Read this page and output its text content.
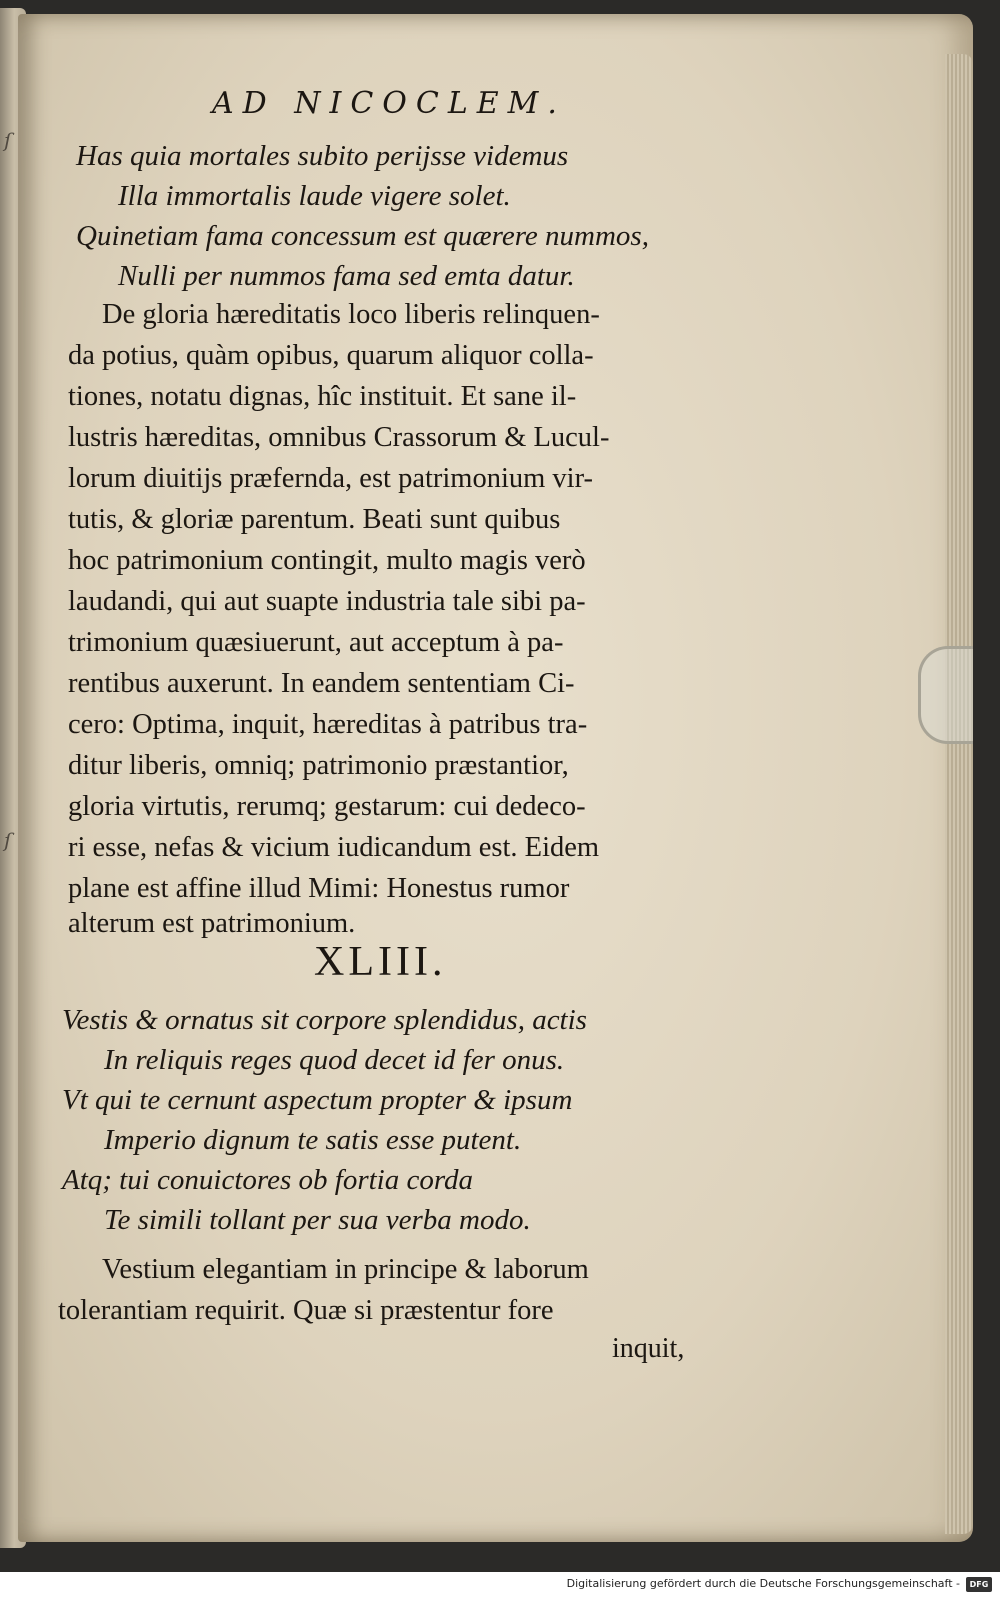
ſ
ſ
AD NICOCLEM.
Has quia mortales subito perijsse videmus
Illa immortalis laude vigere solet.
Quinetiam fama concessum est quærere nummos,
Nulli per nummos fama sed emta datur.
De gloria hæreditatis loco liberis relinquen-
da potius, quàm opibus, quarum aliquor colla-
tiones, notatu dignas, hîc instituit. Et sane il-
lustris hæreditas, omnibus Crassorum & Lucul-
lorum diuitijs præfernda, est patrimonium vir-
tutis, & gloriæ parentum. Beati sunt quibus
hoc patrimonium contingit, multo magis verò
laudandi, qui aut suapte industria tale sibi pa-
trimonium quæsiuerunt, aut acceptum à pa-
rentibus auxerunt. In eandem sententiam Ci-
cero: Optima, inquit, hæreditas à patribus tra-
ditur liberis, omniq; patrimonio præstantior,
gloria virtutis, rerumq; gestarum: cui dedeco-
ri esse, nefas & vicium iudicandum est. Eidem
plane est affine illud Mimi: Honestus rumor
alterum est patrimonium.
XLIII.
Vestis & ornatus sit corpore splendidus, actis
In reliquis reges quod decet id fer onus.
Vt qui te cernunt aspectum propter & ipsum
Imperio dignum te satis esse putent.
Atq; tui conuictores ob fortia corda
Te simili tollant per sua verba modo.
Vestium elegantiam in principe & laborum
tolerantiam requirit. Quæ si præstentur fore
inquit,
Digitalisierung gefördert durch die Deutsche Forschungsgemeinschaft -	DFG
